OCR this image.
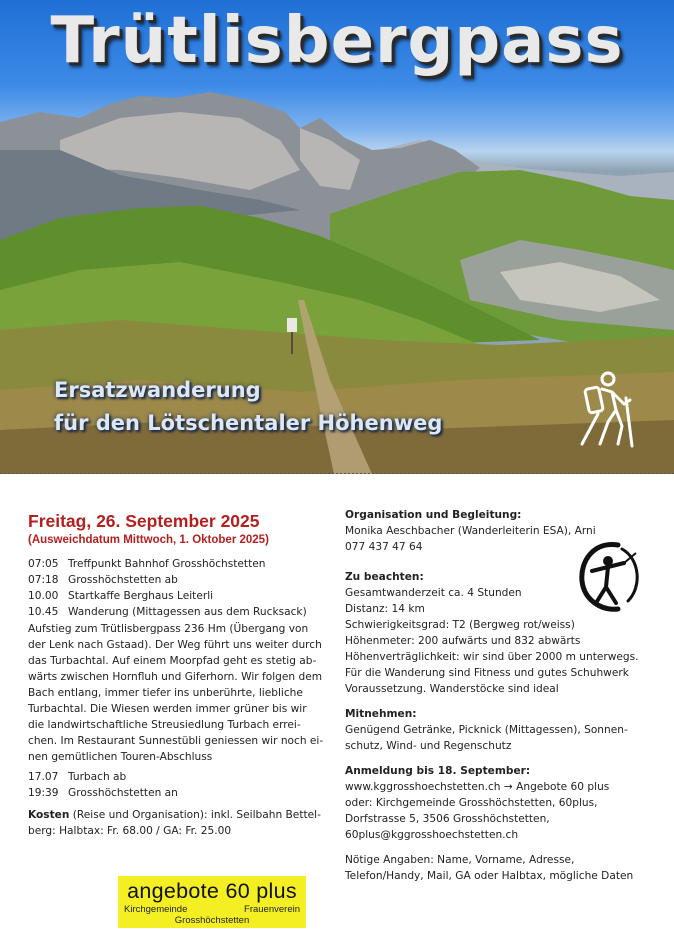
Trütlisbergpass
Ersatzwanderung
für den Lötschentaler Höhenweg

Freitag, 26. September 2025

(Ausweichdatum Mittwoch, 1. Oktober 2025)

07:05 Treffpunkt Bahnhof Grosshöchstetten
07:18 Grosshöchstetten ab
10.00 Startkaffe Berghaus Leiterli
10.45 Wanderung (Mittagessen aus dem Rucksack)
Aufstieg zum Trütlisbergpass 236 Hm (Übergang von
der Lenk nach Gstaad). Der Weg führt uns weiter durch
das Turbachtal. Auf einem Moorpfad geht es stetig ab-
wärts zwischen Hornfluh und Giferhorn. Wir folgen dem
Bach entlang, immer tiefer ins unberührte, liebliche
Turbachtal. Die Wiesen werden immer grüner bis wir
die landwirtschaftliche Streusiedlung Turbach errei-
chen. Im Restaurant Sunnestübli geniessen wir noch ei-
nen gemütlichen Touren-Abschluss
17.07 Turbach ab
19:39 Grosshöchstetten an
Kosten (Reise und Organisation): inkl. Seilbahn Bettel-
berg: Halbtax: Fr. 68.00 / GA: Fr. 25.00
angebote 60 plus
Kirchgemeinde	Frauenverein
Grosshöchstetten
Organisation und Begleitung:
Monika Aeschbacher (Wanderleiterin ESA), Arni
077 437 47 64
Zu beachten:
Gesamtwanderzeit ca. 4 Stunden
Distanz: 14 km
Schwierigkeitsgrad: T2 (Bergweg rot/weiss)
Höhenmeter: 200 aufwärts und 832 abwärts
Höhenverträglichkeit: wir sind über 2000 m unterwegs.
Für die Wanderung sind Fitness und gutes Schuhwerk
Voraussetzung. Wanderstöcke sind ideal
Mitnehmen:
Genügend Getränke, Picknick (Mittagessen), Sonnen-
schutz, Wind- und Regenschutz
Anmeldung bis 18. September:
www.kggrosshoechstetten.ch → Angebote 60 plus
oder: Kirchgemeinde Grosshöchstetten, 60plus,
Dorfstrasse 5, 3506 Grosshöchstetten,
60plus@kggrosshoechstetten.ch
Nötige Angaben: Name, Vorname, Adresse,
Telefon/Handy, Mail, GA oder Halbtax, mögliche Daten
